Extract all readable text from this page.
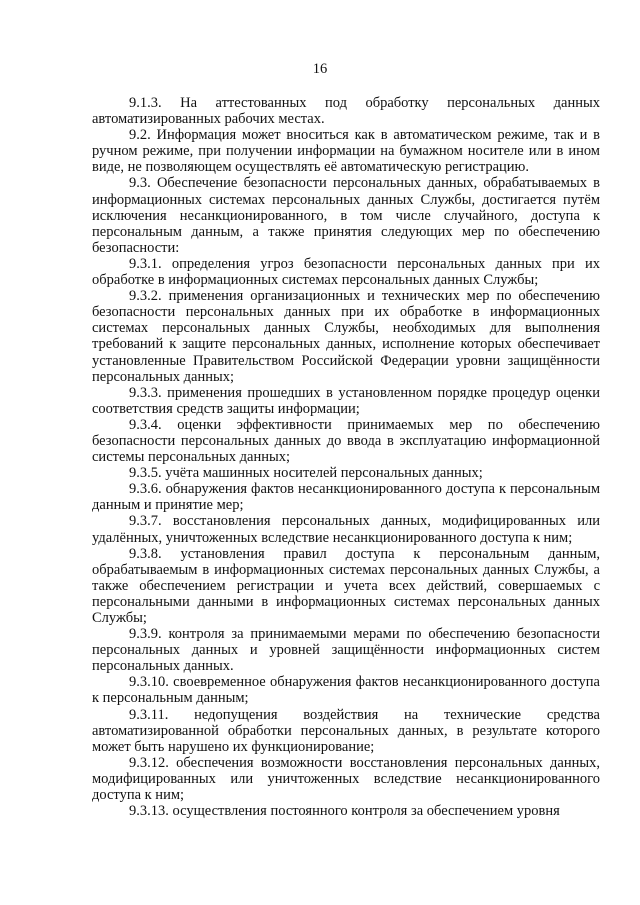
16

9.1.3. На аттестованных под обработку персональных данных автоматизированных рабочих местах.

9.2. Информация может вноситься как в автоматическом режиме, так и в ручном режиме, при получении информации на бумажном носителе или в ином виде, не позволяющем осуществлять её автоматическую регистрацию.

9.3. Обеспечение безопасности персональных данных, обрабатываемых в информационных системах персональных данных Службы, достигается путём исключения несанкционированного, в том числе случайного, доступа к персональным данным, а также принятия следующих мер по обеспечению безопасности:

9.3.1. определения угроз безопасности персональных данных при их обработке в информационных системах персональных данных Службы;

9.3.2. применения организационных и технических мер по обеспечению безопасности персональных данных при их обработке в информационных системах персональных данных Службы, необходимых для выполнения требований к защите персональных данных, исполнение которых обеспечивает установленные Правительством Российской Федерации уровни защищённости персональных данных;

9.3.3. применения прошедших в установленном порядке процедур оценки соответствия средств защиты информации;

9.3.4. оценки эффективности принимаемых мер по обеспечению безопасности персональных данных до ввода в эксплуатацию информационной системы персональных данных;

9.3.5. учёта машинных носителей персональных данных;

9.3.6. обнаружения фактов несанкционированного доступа к персональным данным и принятие мер;

9.3.7. восстановления персональных данных, модифицированных или удалённых, уничтоженных вследствие несанкционированного доступа к ним;

9.3.8. установления правил доступа к персональным данным, обрабатываемым в информационных системах персональных данных Службы, а также обеспечением регистрации и учета всех действий, совершаемых с персональными данными в информационных системах персональных данных Службы;

9.3.9. контроля за принимаемыми мерами по обеспечению безопасности персональных данных и уровней защищённости информационных систем персональных данных.

9.3.10. своевременное обнаружения фактов несанкционированного доступа к персональным данным;

9.3.11. недопущения воздействия на технические средства автоматизированной обработки персональных данных, в результате которого может быть нарушено их функционирование;

9.3.12. обеспечения возможности восстановления персональных данных, модифицированных или уничтоженных вследствие несанкционированного доступа к ним;

9.3.13. осуществления постоянного контроля за обеспечением уровня
